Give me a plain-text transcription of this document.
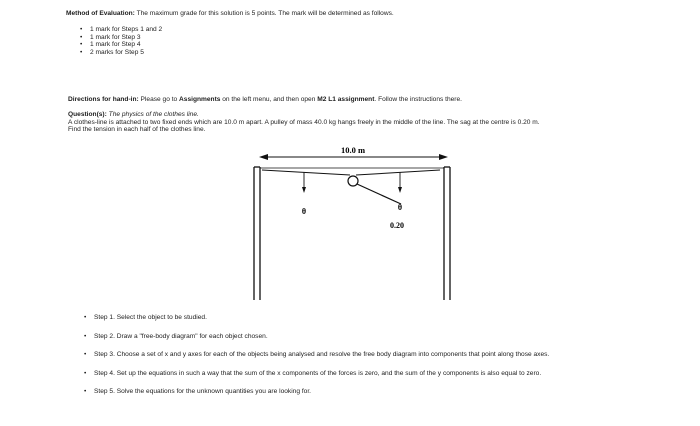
Method of Evaluation: The maximum grade for this solution is 5 points. The mark will be determined as follows.
• 1 mark for Steps 1 and 2
• 1 mark for Step 3
• 1 mark for Step 4
• 2 marks for Step 5
Directions for hand-in: Please go to Assignments on the left menu, and then open M2 L1 assignment. Follow the instructions there.
Question(s): The physics of the clothes line.
A clothes-line is attached to two fixed ends which are 10.0 m apart. A pulley of mass 40.0 kg hangs freely in the middle of the line. The sag at the centre is 0.20 m.
Find the tension in each half of the clothes line.
10.0 m
θ	θ
0.20
• Step 1. Select the object to be studied.
• Step 2. Draw a "free-body diagram" for each object chosen.
• Step 3. Choose a set of x and y axes for each of the objects being analysed and resolve the free body diagram into components that point along those axes.
• Step 4. Set up the equations in such a way that the sum of the x components of the forces is zero, and the sum of the y components is also equal to zero.
• Step 5. Solve the equations for the unknown quantities you are looking for.
